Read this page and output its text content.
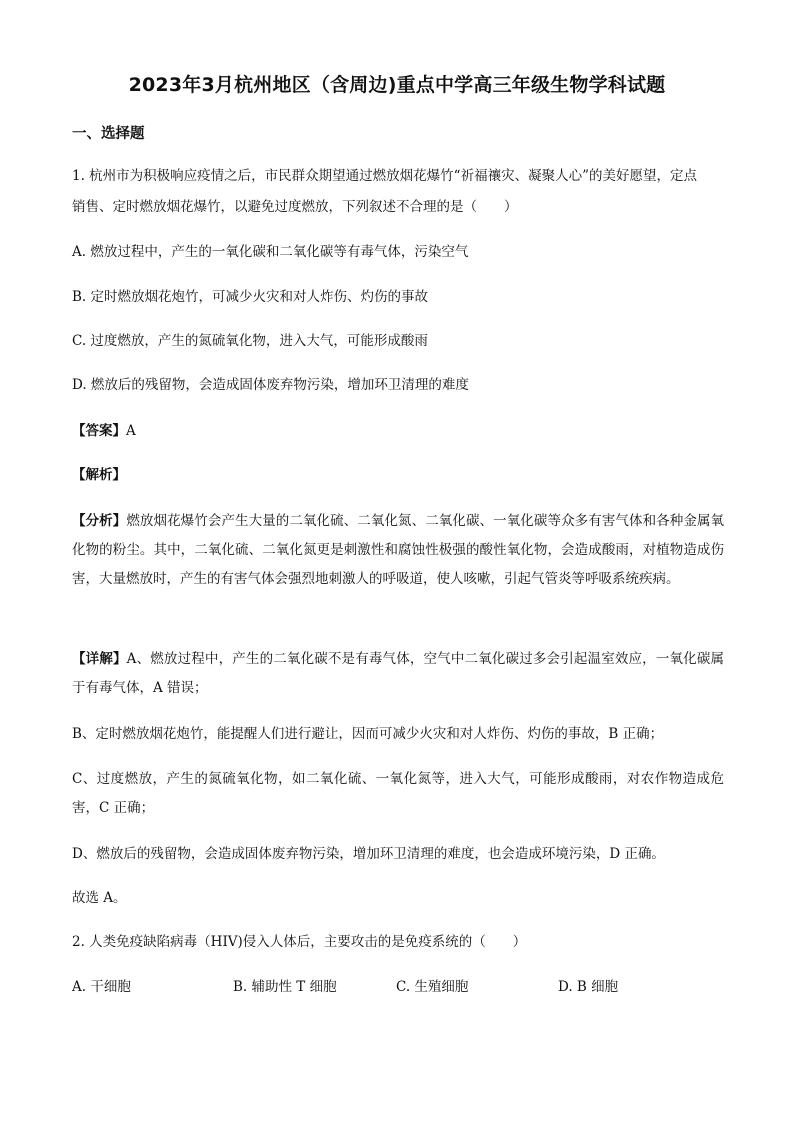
2023年3月杭州地区（含周边)重点中学高三年级生物学科试题
一、选择题
1. 杭州市为积极响应疫情之后，市民群众期望通过燃放烟花爆竹“祈福禳灾、凝聚人心”的美好愿望，定点
销售、定时燃放烟花爆竹，以避免过度燃放，下列叙述不合理的是（　　）
A. 燃放过程中，产生的一氧化碳和二氧化碳等有毒气体，污染空气
B. 定时燃放烟花炮竹，可减少火灾和对人炸伤、灼伤的事故
C. 过度燃放，产生的氮硫氧化物，进入大气，可能形成酸雨
D. 燃放后的残留物，会造成固体废弃物污染，增加环卫清理的难度
【答案】A
【解析】
【分析】燃放烟花爆竹会产生大量的二氧化硫、二氧化氮、二氧化碳、一氧化碳等众多有害气体和各种金属氧化物的粉尘。其中，二氧化硫、二氧化氮更是刺激性和腐蚀性极强的酸性氧化物，会造成酸雨，对植物造成伤害，大量燃放时，产生的有害气体会强烈地刺激人的呼吸道，使人咳嗽，引起气管炎等呼吸系统疾病。
【详解】A、燃放过程中，产生的二氧化碳不是有毒气体，空气中二氧化碳过多会引起温室效应，一氧化碳属于有毒气体，A 错误；
B、定时燃放烟花炮竹，能提醒人们进行避让，因而可减少火灾和对人炸伤、灼伤的事故，B 正确；
C、过度燃放，产生的氮硫氧化物，如二氧化硫、一氧化氮等，进入大气，可能形成酸雨，对农作物造成危害，C 正确；
D、燃放后的残留物，会造成固体废弃物污染，增加环卫清理的难度，也会造成环境污染，D 正确。
故选 A。
2. 人类免疫缺陷病毒（HIV)侵入人体后，主要攻击的是免疫系统的（　　）
A. 干细胞	B. 辅助性 T 细胞	C. 生殖细胞	D. B 细胞
